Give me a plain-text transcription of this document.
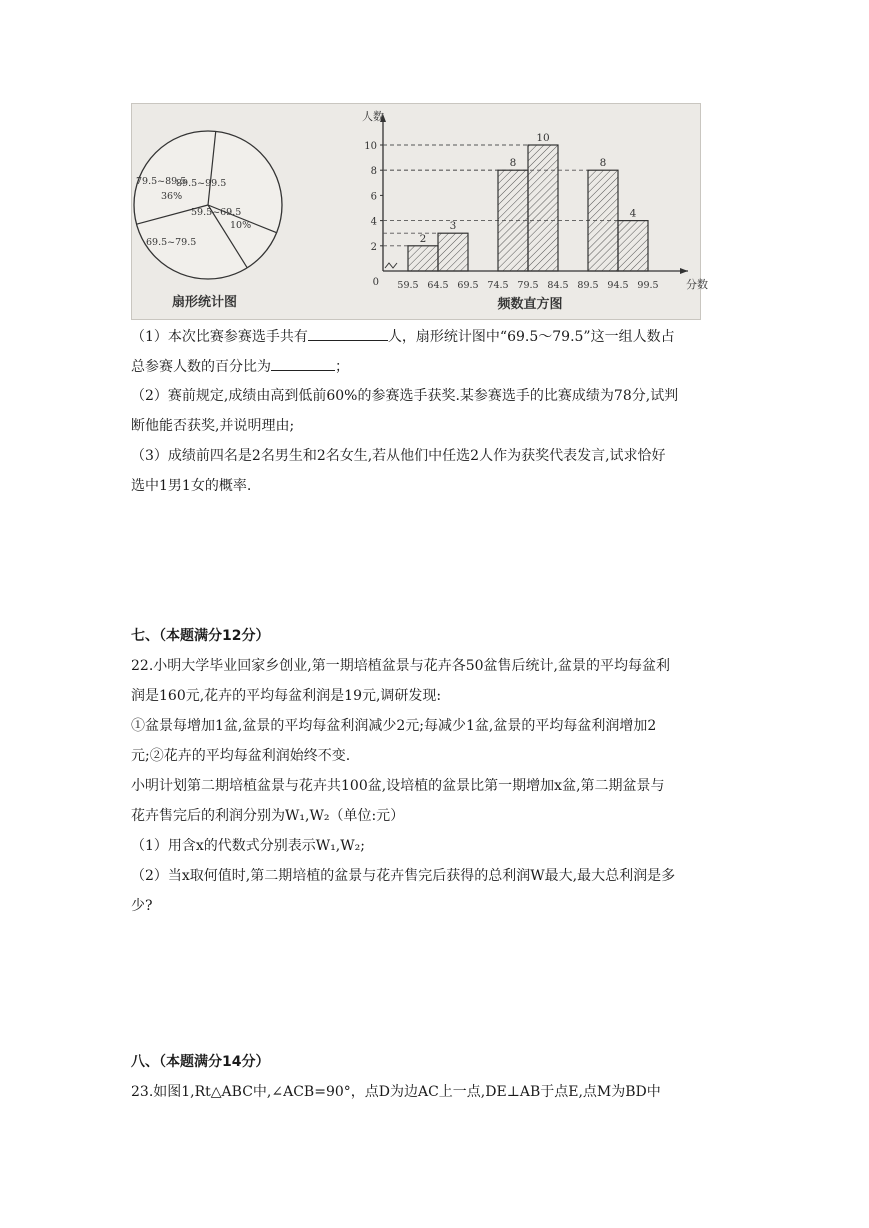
79.5~89.5
36%
89.5~99.5
59.5~69.5
10%
69.5~79.5
扇形统计图
2
4
6
8
10
0 59.5 64.5 69.5 74.5 79.5 84.5 89.5 94.5 99.5
人数
分数
2
3
8
10
8
4
频数直方图
（1）本次比赛参赛选手共有	人，扇形统计图中“69.5～79.5”这一组人数占
总参赛人数的百分比为	；
（2）赛前规定,成绩由高到低前60%的参赛选手获奖.某参赛选手的比赛成绩为78分,试判
断他能否获奖,并说明理由;
（3）成绩前四名是2名男生和2名女生,若从他们中任选2人作为获奖代表发言,试求恰好
选中1男1女的概率.
七、（本题满分12分）
22.小明大学毕业回家乡创业,第一期培植盆景与花卉各50盆售后统计,盆景的平均每盆利
润是160元,花卉的平均每盆利润是19元,调研发现:
①盆景每增加1盆,盆景的平均每盆利润减少2元;每减少1盆,盆景的平均每盆利润增加2
元;②花卉的平均每盆利润始终不变.
小明计划第二期培植盆景与花卉共100盆,设培植的盆景比第一期增加x盆,第二期盆景与
花卉售完后的利润分别为W₁,W₂（单位:元）
（1）用含x的代数式分别表示W₁,W₂;
（2）当x取何值时,第二期培植的盆景与花卉售完后获得的总利润W最大,最大总利润是多
少?
八、（本题满分14分）
23.如图1,Rt△ABC中,∠ACB=90°，点D为边AC上一点,DE⊥AB于点E,点M为BD中
